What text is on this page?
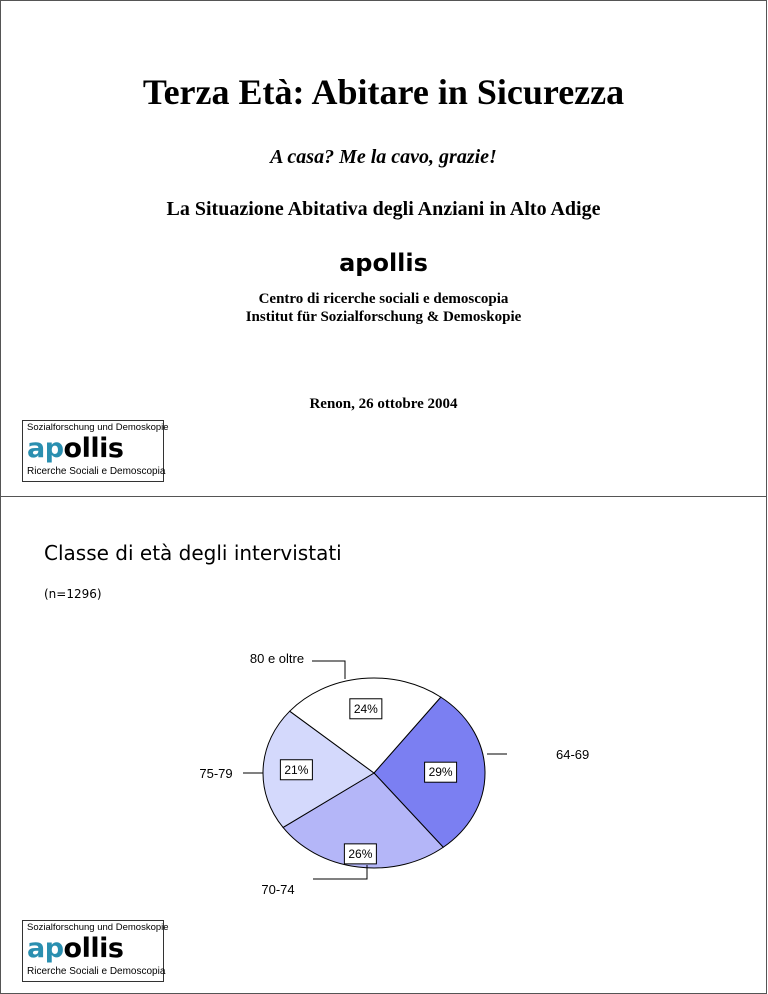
Terza Età: Abitare in Sicurezza
A casa? Me la cavo, grazie!
La Situazione Abitativa degli Anziani in Alto Adige
apollis
Centro di ricerche sociali e demoscopia
Institut für Sozialforschung & Demoskopie
Renon, 26 ottobre 2004
Sozialforschung und Demoskopie
apollis
Ricerche Sociali e Demoscopia
Classe di età degli intervistati
(n=1296)
29%
64-69
26%
70-74
21%
75-79
24%
80 e oltre
Sozialforschung und Demoskopie
apollis
Ricerche Sociali e Demoscopia
